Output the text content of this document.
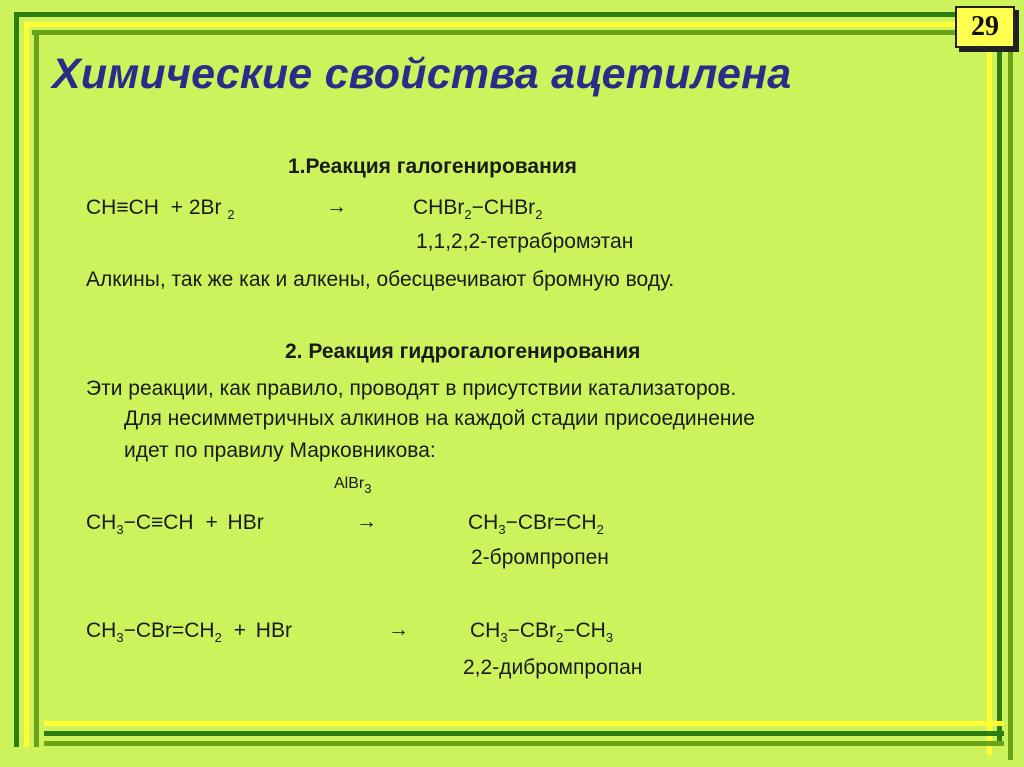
29
Химические свойства ацетилена
1.Реакция галогенирования
CH≡CH + 2Br $_2$	→	CHBr$_2$−CHBr$_2$
1,1,2,2-тетрабромэтан
Алкины, так же как и алкены, обесцвечивают бромную воду.
2. Реакция гидрогалогенирования
Эти реакции, как правило, проводят в присутствии катализаторов.
Для несимметричных алкинов на каждой стадии присоединение
идет по правилу Марковникова:
AlBr$_3$
$CH_3-C\equiv CH$ + HBr	→	$CH_3-CBr=CH_2$
2-бромпропен
$CH_3-CBr=CH_2$ + HBr	→	$CH_3-CBr_2-CH_3$
2,2-дибромпропан
